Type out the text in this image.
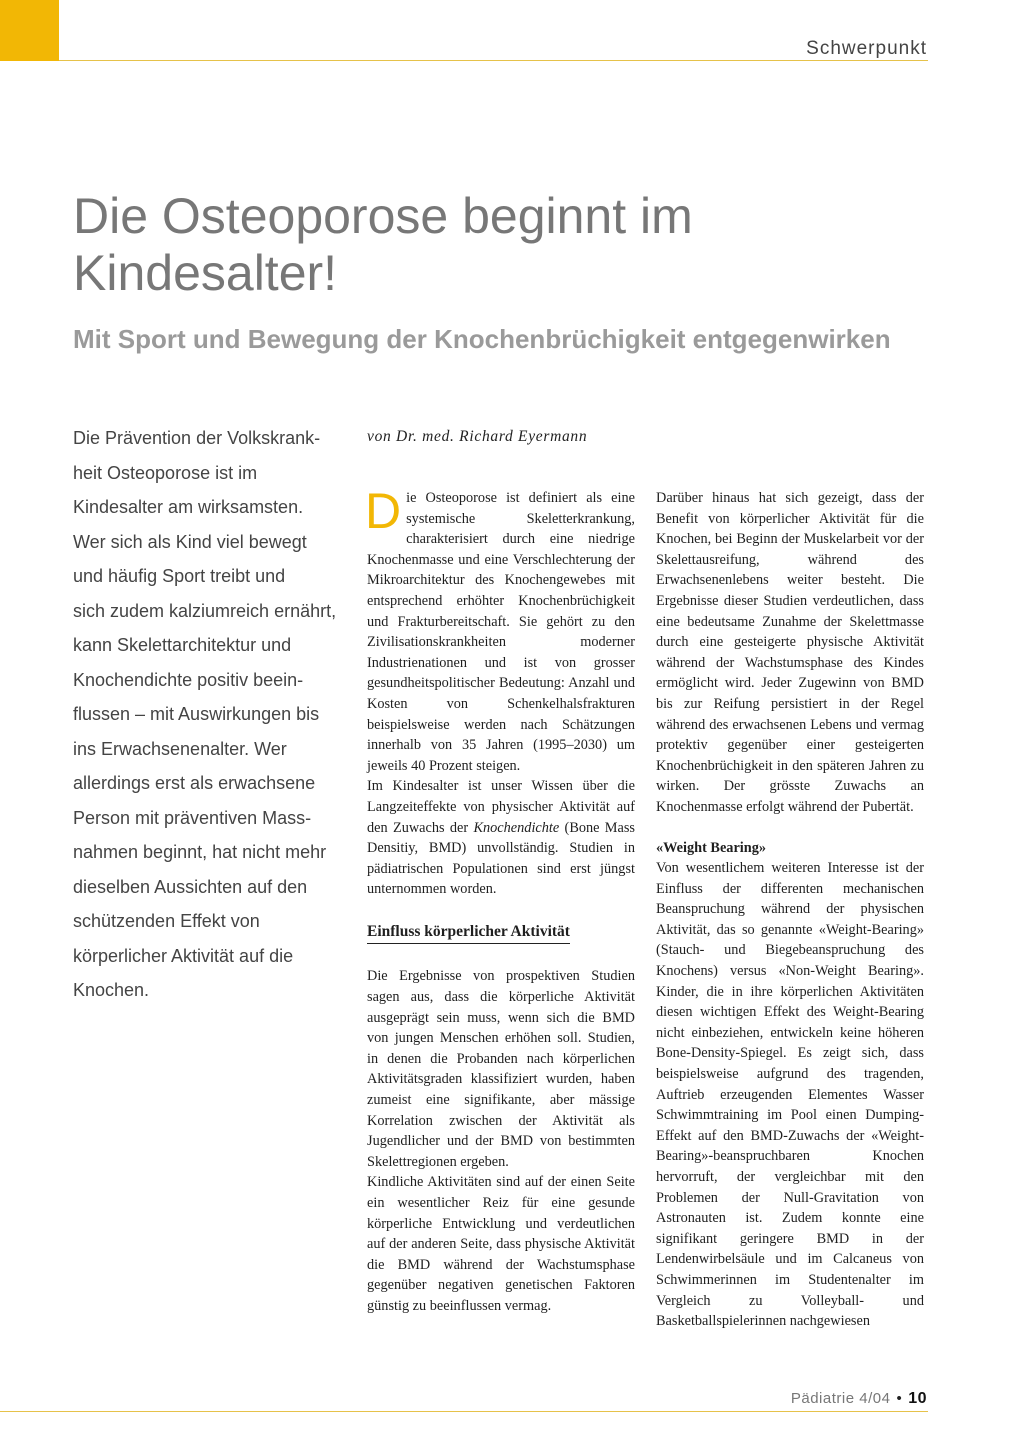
Schwerpunkt
Die Osteoporose beginnt im Kindesalter!
Mit Sport und Bewegung der Knochenbrüchigkeit entgegenwirken
Die Prävention der Volkskrank-
heit Osteoporose ist im
Kindesalter am wirksamsten.
Wer sich als Kind viel bewegt
und häufig Sport treibt und
sich zudem kalziumreich ernährt,
kann Skelettarchitektur und
Knochendichte positiv beein-
flussen – mit Auswirkungen bis
ins Erwachsenenalter. Wer
allerdings erst als erwachsene
Person mit präventiven Mass-
nahmen beginnt, hat nicht mehr
dieselben Aussichten auf den
schützenden Effekt von
körperlicher Aktivität auf die
Knochen.
von Dr. med. Richard Eyermann

Die Osteoporose ist definiert als eine systemische Skeletterkrankung, charakterisiert durch eine niedrige Knochenmasse und eine Verschlechterung der Mikroarchitektur des Knochengewebes mit entsprechend erhöhter Knochenbrüchigkeit und Frakturbereitschaft. Sie gehört zu den Zivilisationskrankheiten moderner Industrienationen und ist von grosser gesundheitspolitischer Bedeutung: Anzahl und Kosten von Schenkelhalsfrakturen beispielsweise werden nach Schätzungen innerhalb von 35 Jahren (1995–2030) um jeweils 40 Prozent steigen.

Im Kindesalter ist unser Wissen über die Langzeiteffekte von physischer Aktivität auf den Zuwachs der Knochendichte (Bone Mass Densitiy, BMD) unvollständig. Studien in pädiatrischen Populationen sind erst jüngst unternommen worden.

Einfluss körperlicher Aktivität

Die Ergebnisse von prospektiven Studien sagen aus, dass die körperliche Aktivität ausgeprägt sein muss, wenn sich die BMD von jungen Menschen erhöhen soll. Studien, in denen die Probanden nach körperlichen Aktivitätsgraden klassifiziert wurden, haben zumeist eine signifikante, aber mässige Korrelation zwischen der Aktivität als Jugendlicher und der BMD von bestimmten Skelettregionen ergeben.

Kindliche Aktivitäten sind auf der einen Seite ein wesentlicher Reiz für eine gesunde körperliche Entwicklung und verdeutlichen auf der anderen Seite, dass physische Aktivität die BMD während der Wachstumsphase gegenüber negativen genetischen Faktoren günstig zu beeinflussen vermag.

Darüber hinaus hat sich gezeigt, dass der Benefit von körperlicher Aktivität für die Knochen, bei Beginn der Muskelarbeit vor der Skelettausreifung, während des Erwachsenenlebens weiter besteht. Die Ergebnisse dieser Studien verdeutlichen, dass eine bedeutsame Zunahme der Skelettmasse durch eine gesteigerte physische Aktivität während der Wachstumsphase des Kindes ermöglicht wird. Jeder Zugewinn von BMD bis zur Reifung persistiert in der Regel während des erwachsenen Lebens und vermag protektiv gegenüber einer gesteigerten Knochenbrüchigkeit in den späteren Jahren zu wirken. Der grösste Zuwachs an Knochenmasse erfolgt während der Pubertät.

«Weight Bearing»

Von wesentlichem weiteren Interesse ist der Einfluss der differenten mechanischen Beanspruchung während der physischen Aktivität, das so genannte «Weight-Bearing» (Stauch- und Biegebeanspruchung des Knochens) versus «Non-Weight Bearing». Kinder, die in ihre körperlichen Aktivitäten diesen wichtigen Effekt des Weight-Bearing nicht einbeziehen, entwickeln keine höheren Bone-Density-Spiegel. Es zeigt sich, dass beispielsweise aufgrund des tragenden, Auftrieb erzeugenden Elementes Wasser Schwimmtraining im Pool einen Dumping-Effekt auf den BMD-Zuwachs der «Weight-Bearing»-beanspruchbaren Knochen hervorruft, der vergleichbar mit den Problemen der Null-Gravitation von Astronauten ist. Zudem konnte eine signifikant geringere BMD in der Lendenwirbelsäule und im Calcaneus von Schwimmerinnen im Studentenalter im Vergleich zu Volleyball- und Basketballspielerinnen nachgewiesen

Pädiatrie 4/04 • 10
